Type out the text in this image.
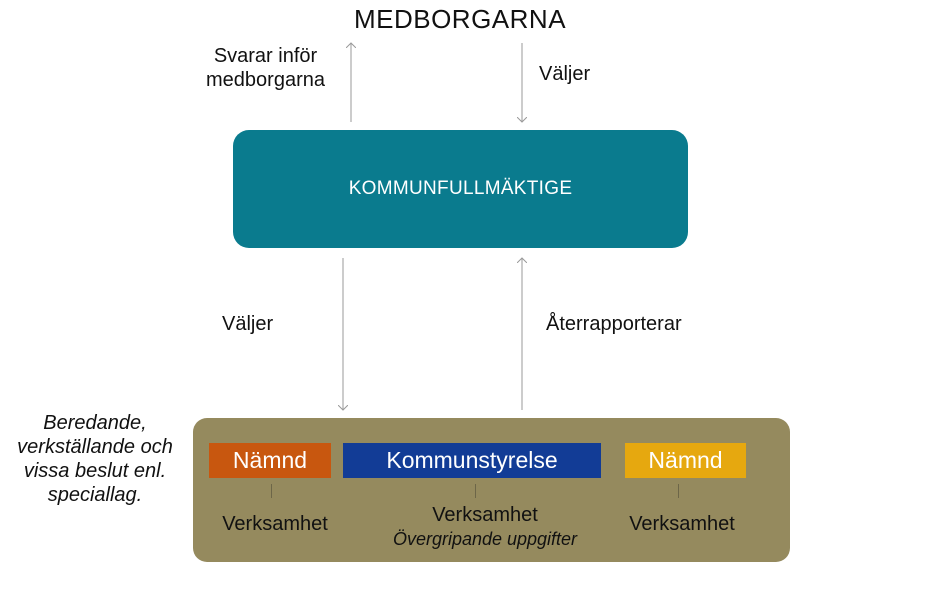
MEDBORGARNA
Svarar inför
medborgarna	Väljer
KOMMUNFULLMÄKTIGE
Väljer	Återrapporterar
Beredande,
verkställande och
vissa beslut enl.
speciallag.
Nämnd	Kommunstyrelse	Nämnd
Verksamhet	Verksamhet
Övergripande uppgifter
Verksamhet
